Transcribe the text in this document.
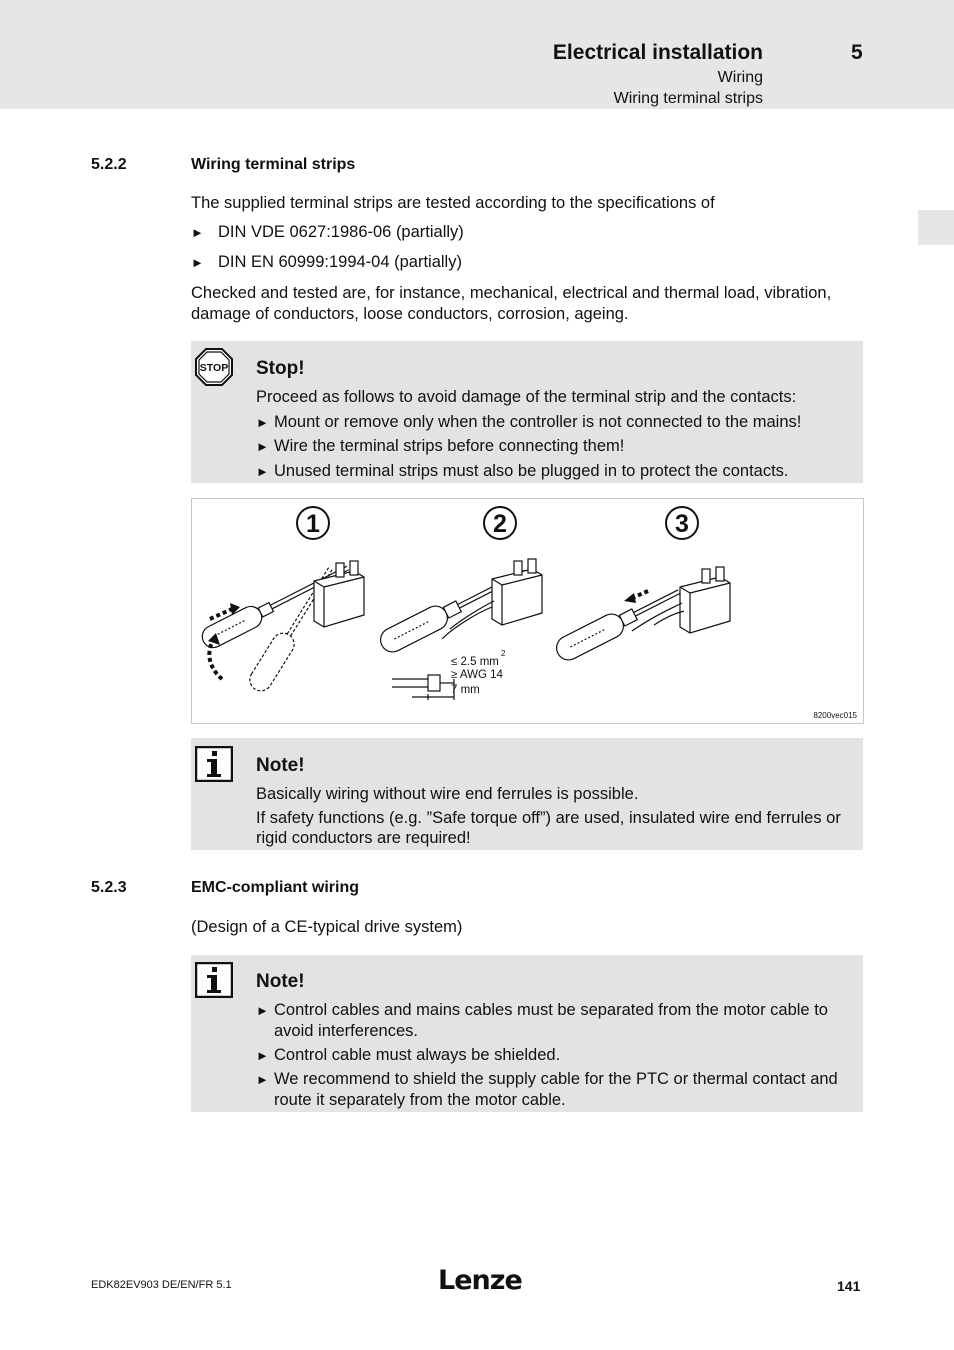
Electrical installation	5
Wiring
Wiring terminal strips
5.2.2	Wiring terminal strips
The supplied terminal strips are tested according to the specifications of
► DIN VDE 0627:1986-06 (partially)
► DIN EN 60999:1994-04 (partially)
Checked and tested are, for instance, mechanical, electrical and thermal load, vibration, damage of conductors, loose conductors, corrosion, ageing.
STOP Stop!
Proceed as follows to avoid damage of the terminal strip and the contacts:
► Mount or remove only when the controller is not connected to the mains!
► Wire the terminal strips before connecting them!
► Unused terminal strips must also be plugged in to protect the contacts.
1	2	3
≤ 2.5 mm
2
≥ AWG 14
7 mm
8200vec015
Note!
Basically wiring without wire end ferrules is possible.
If safety functions (e.g. ”Safe torque off”) are used, insulated wire end ferrules or rigid conductors are required!
5.2.3	EMC-compliant wiring
(Design of a CE-typical drive system)
Note!
► Control cables and mains cables must be separated from the motor cable to avoid interferences.
► Control cable must always be shielded.
► We recommend to shield the supply cable for the PTC or thermal contact and route it separately from the motor cable.
EDK82EV903 DE/EN/FR 5.1	Lenze	141
